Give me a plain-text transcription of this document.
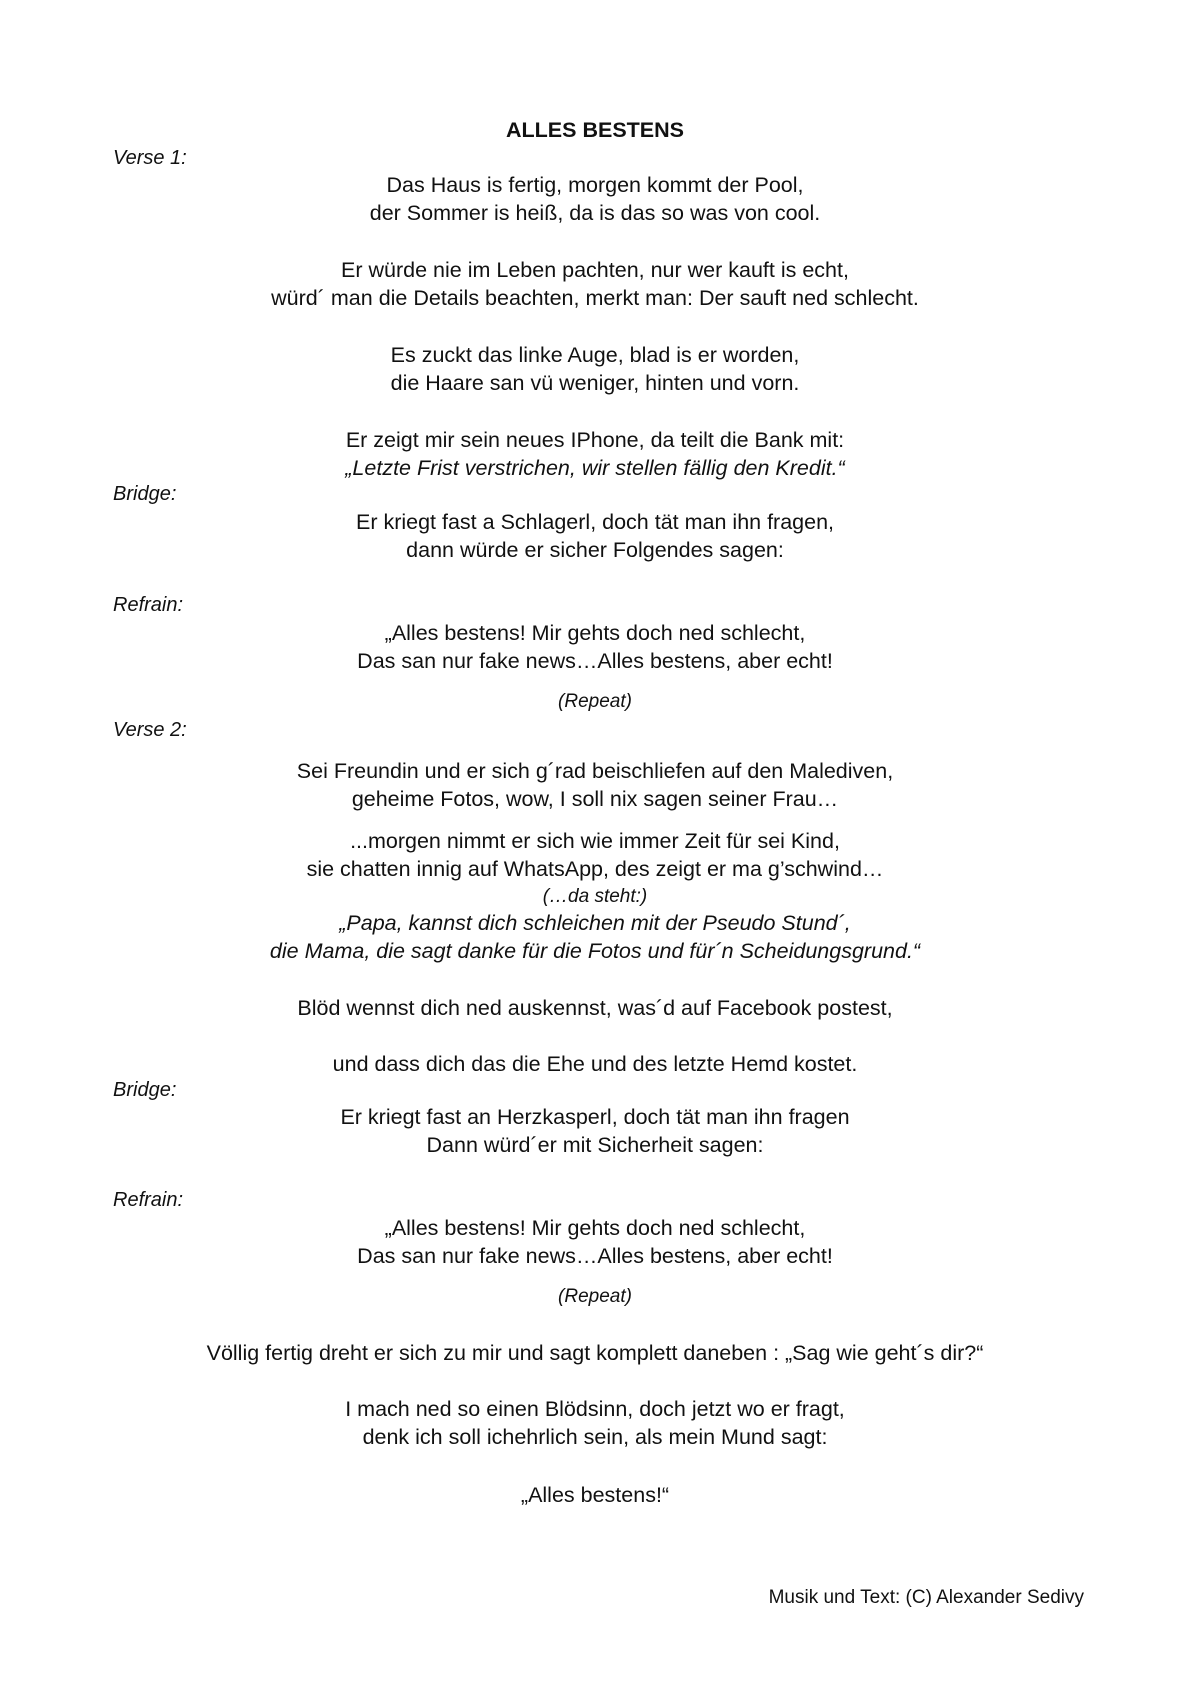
ALLES BESTENS
Verse 1:
Bridge:
Refrain:
Verse 2:
Bridge:
Refrain:
Das Haus is fertig, morgen kommt der Pool,
der Sommer is heiß, da is das so was von cool.
Er würde nie im Leben pachten, nur wer kauft is echt,
würd´ man die Details beachten, merkt man: Der sauft ned schlecht.
Es zuckt das linke Auge, blad is er worden,
die Haare san vü weniger, hinten und vorn.
Er zeigt mir sein neues IPhone, da teilt die Bank mit:
„Letzte Frist verstrichen, wir stellen fällig den Kredit.“
Er kriegt fast a Schlagerl, doch tät man ihn fragen,
dann würde er sicher Folgendes sagen:
„Alles bestens! Mir gehts doch ned schlecht,
Das san nur fake news…Alles bestens, aber echt!
(Repeat)
Sei Freundin und er sich g´rad beischliefen auf den Malediven,
geheime Fotos, wow, I soll nix sagen seiner Frau…
...morgen nimmt er sich wie immer Zeit für sei Kind,
sie chatten innig auf WhatsApp, des zeigt er ma g’schwind…
(…da steht:)
„Papa, kannst dich schleichen mit der Pseudo Stund´,
die Mama, die sagt danke für die Fotos und für´n Scheidungsgrund.“
Blöd wennst dich ned auskennst, was´d auf Facebook postest,
und dass dich das die Ehe und des letzte Hemd kostet.
Er kriegt fast an Herzkasperl, doch tät man ihn fragen
Dann würd´er mit Sicherheit sagen:
„Alles bestens! Mir gehts doch ned schlecht,
Das san nur fake news…Alles bestens, aber echt!
(Repeat)
Völlig fertig dreht er sich zu mir und sagt komplett daneben : „Sag wie geht´s dir?“
I mach ned so einen Blödsinn, doch jetzt wo er fragt,
denk ich soll ichehrlich sein, als mein Mund sagt:
„Alles bestens!“
Musik und Text: (C) Alexander Sedivy
